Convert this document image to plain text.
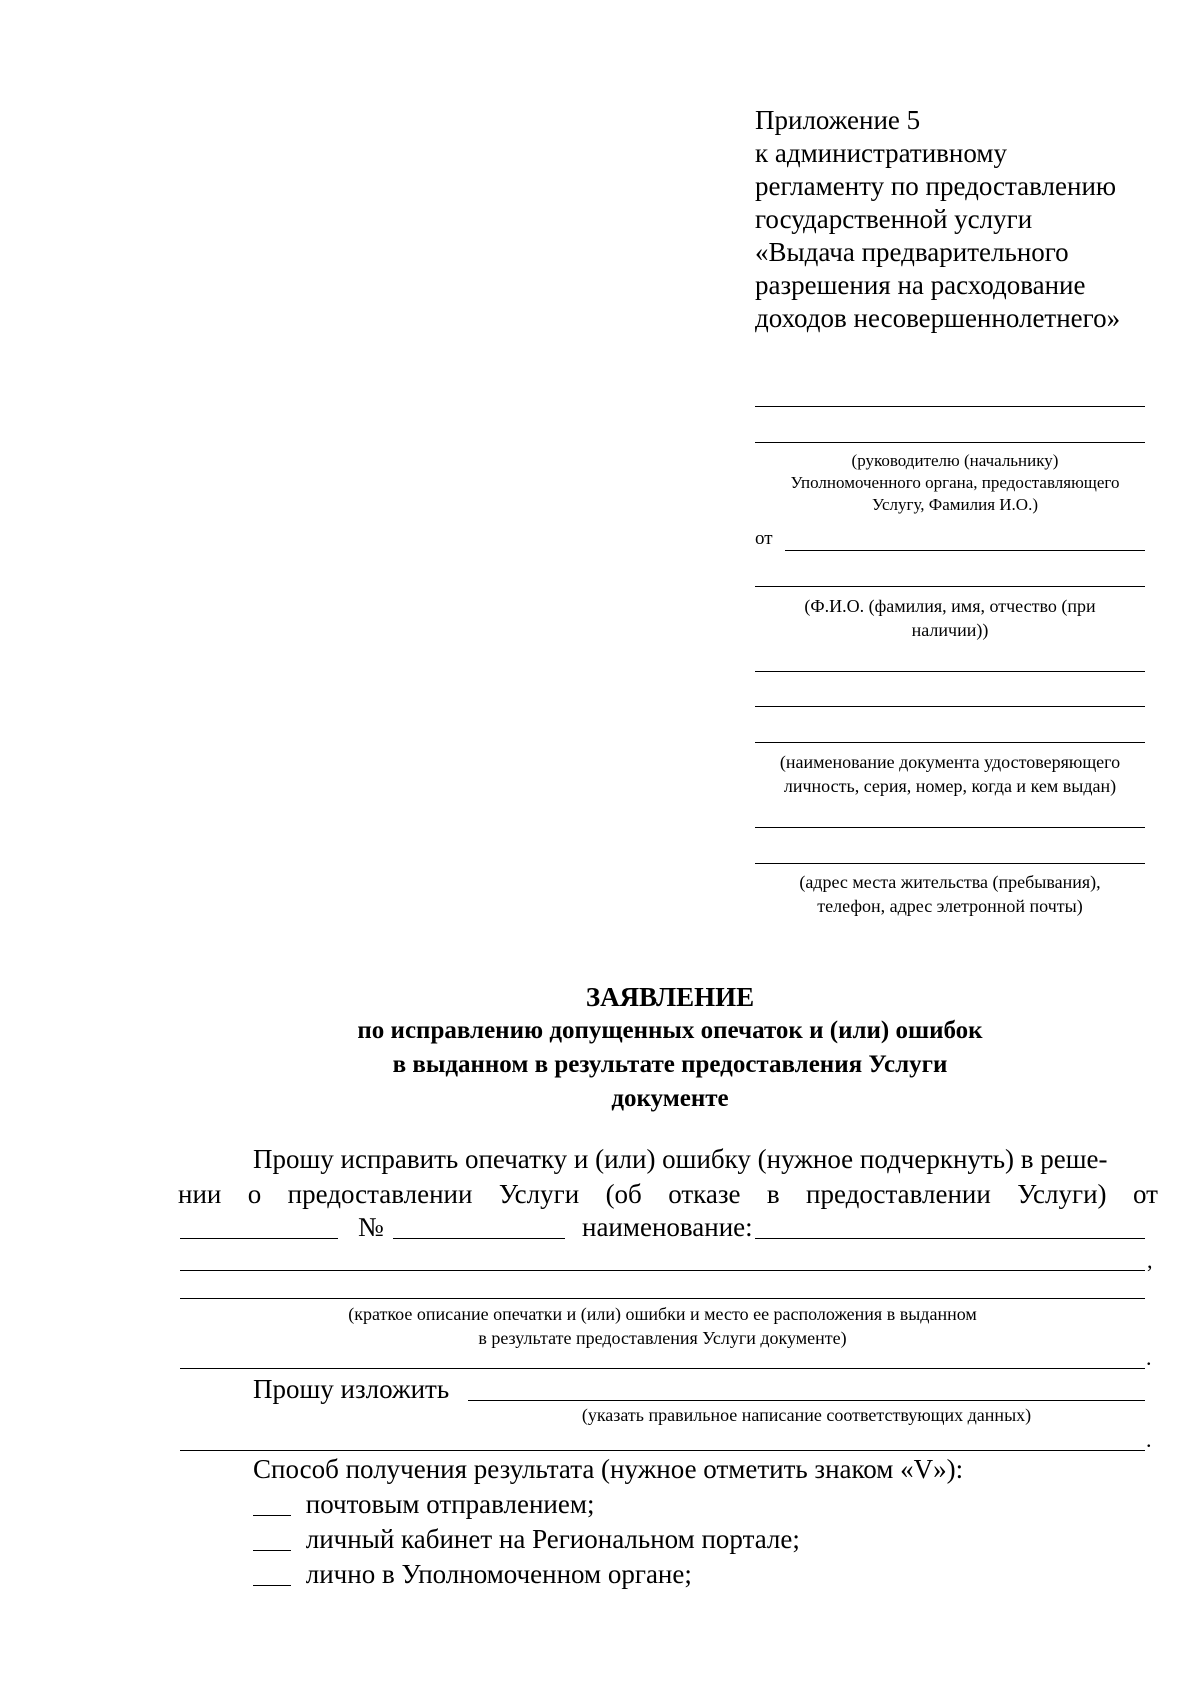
Приложение 5
к административному
регламенту по предоставлению
государственной услуги
«Выдача предварительного
разрешения на расходование
доходов несовершеннолетнего»
(руководителю (начальнику)
Уполномоченного органа, предоставляющего
Услугу, Фамилия И.О.)
от
(Ф.И.О. (фамилия, имя, отчество (при
наличии))
(наименование документа удостоверяющего
личность, серия, номер, когда и кем выдан)
(адрес места жительства (пребывания),
телефон, адрес элетронной почты)
ЗАЯВЛЕНИЕ
по исправлению допущенных опечаток и (или) ошибок
в выданном в результате предоставления Услуги
документе
Прошу исправить опечатку и (или) ошибку (нужное подчеркнуть) в реше-
нии о предоставлении Услуги (об отказе в предоставлении Услуги) от
№	наименование:
,
(краткое описание опечатки и (или) ошибки и место ее расположения в выданном
в результате предоставления Услуги документе)
.
Прошу изложить
(указать правильное написание соответствующих данных)
.
Способ получения результата (нужное отметить знаком «V»):
почтовым отправлением;
личный кабинет на Региональном портале;
лично в Уполномоченном органе;
